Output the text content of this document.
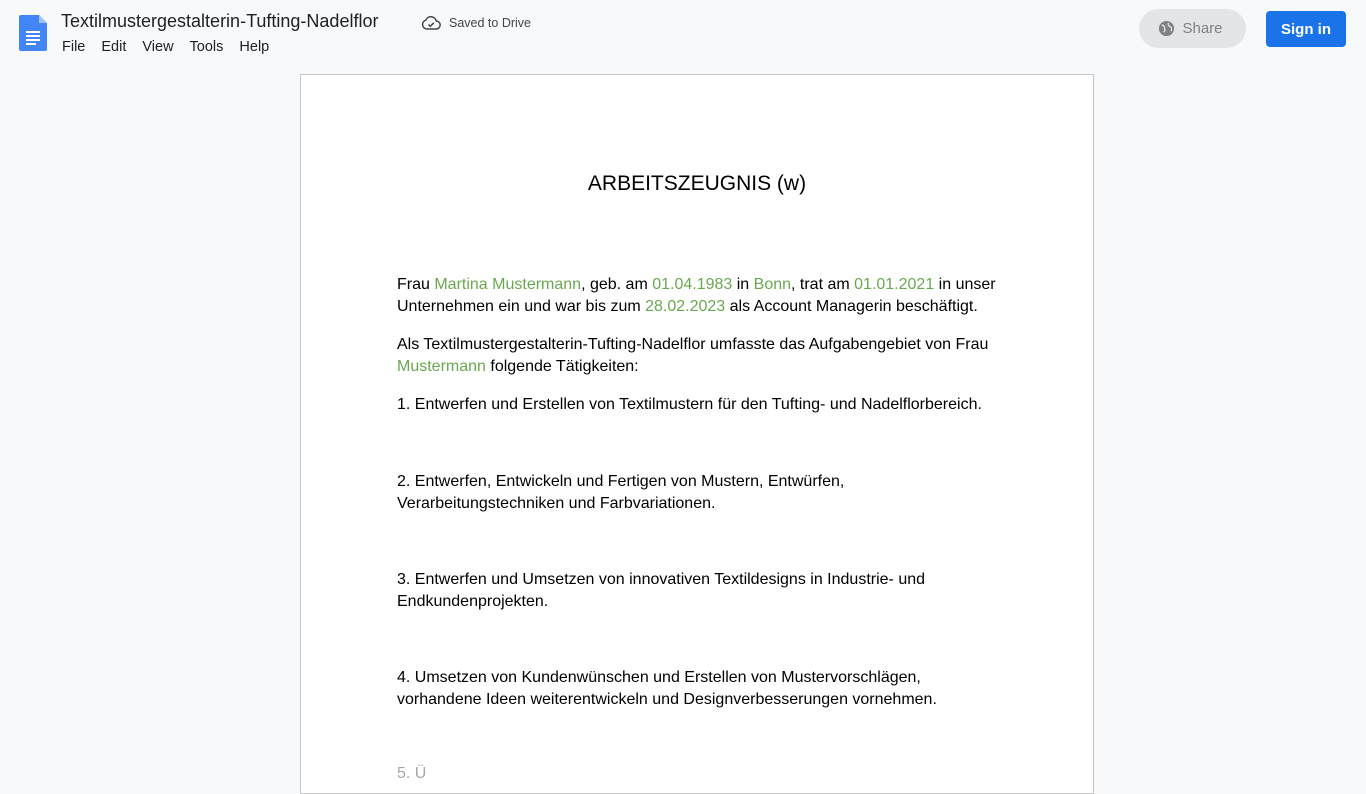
Textilmustergestalterin-Tufting-Nadelflor	Saved to Drive
File	Edit	View	Tools	Help
Share	Sign in
ARBEITSZEUGNIS (w)
Frau Martina Mustermann, geb. am 01.04.1983 in Bonn, trat am 01.01.2021 in unser Unternehmen ein und war bis zum 28.02.2023 als Account Managerin beschäftigt.
Als Textilmustergestalterin-Tufting-Nadelflor umfasste das Aufgabengebiet von Frau Mustermann folgende Tätigkeiten:
1. Entwerfen und Erstellen von Textilmustern für den Tufting- und Nadelflorbereich.
2. Entwerfen, Entwickeln und Fertigen von Mustern, Entwürfen, Verarbeitungstechniken und Farbvariationen.
3. Entwerfen und Umsetzen von innovativen Textildesigns in Industrie- und Endkundenprojekten.
4. Umsetzen von Kundenwünschen und Erstellen von Mustervorschlägen, vorhandene Ideen weiterentwickeln und Designverbesserungen vornehmen.
5. Ü
